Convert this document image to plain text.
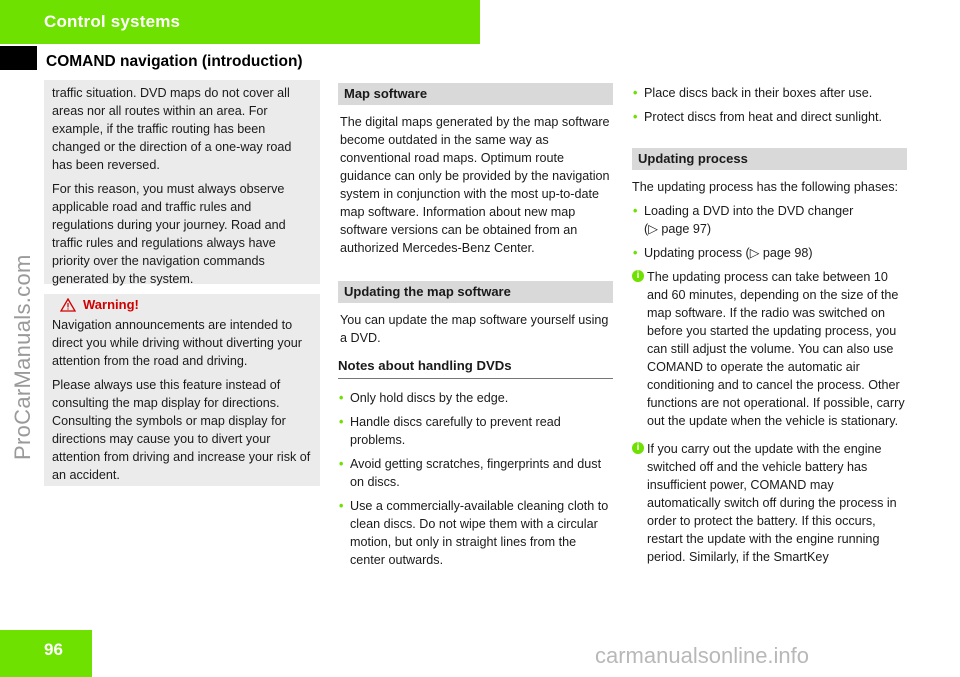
Control systems
COMAND navigation (introduction)

traffic situation. DVD maps do not cover all areas nor all routes within an area. For example, if the traffic routing has been changed or the direction of a one-way road has been reversed.

For this reason, you must always observe applicable road and traffic rules and regulations during your journey. Road and traffic rules and regulations always have priority over the navigation commands generated by the system.

Warning!

Navigation announcements are intended to direct you while driving without diverting your attention from the road and driving.

Please always use this feature instead of consulting the map display for directions. Consulting the symbols or map display for directions may cause you to divert your attention from driving and increase your risk of an accident.

Map software

The digital maps generated by the map software become outdated in the same way as conventional road maps. Optimum route guidance can only be provided by the navigation system in conjunction with the most up-to-date map software. Information about new map software versions can be obtained from an authorized Mercedes-Benz Center.

Updating the map software

You can update the map software yourself using a DVD.

Notes about handling DVDs
• Only hold discs by the edge.
• Handle discs carefully to prevent read problems.
• Avoid getting scratches, fingerprints and dust on discs.
• Use a commercially-available cleaning cloth to clean discs. Do not wipe them with a circular motion, but only in straight lines from the center outwards.
• Place discs back in their boxes after use.
• Protect discs from heat and direct sunlight.
Updating process

The updating process has the following phases:

• Loading a DVD into the DVD changer
(▷ page 97)
• Updating process (▷ page 98)
i The updating process can take between 10 and 60 minutes, depending on the size of the map software. If the radio was switched on before you started the updating process, you can still adjust the volume. You can also use COMAND to operate the automatic air conditioning and to cancel the process. Other functions are not operational. If possible, carry out the update when the vehicle is stationary.
i If you carry out the update with the engine switched off and the vehicle battery has insufficient power, COMAND may automatically switch off during the process in order to protect the battery. If this occurs, restart the update with the engine running period. Similarly, if the SmartKey
96
ProCarManuals.com
carmanualsonline.info
